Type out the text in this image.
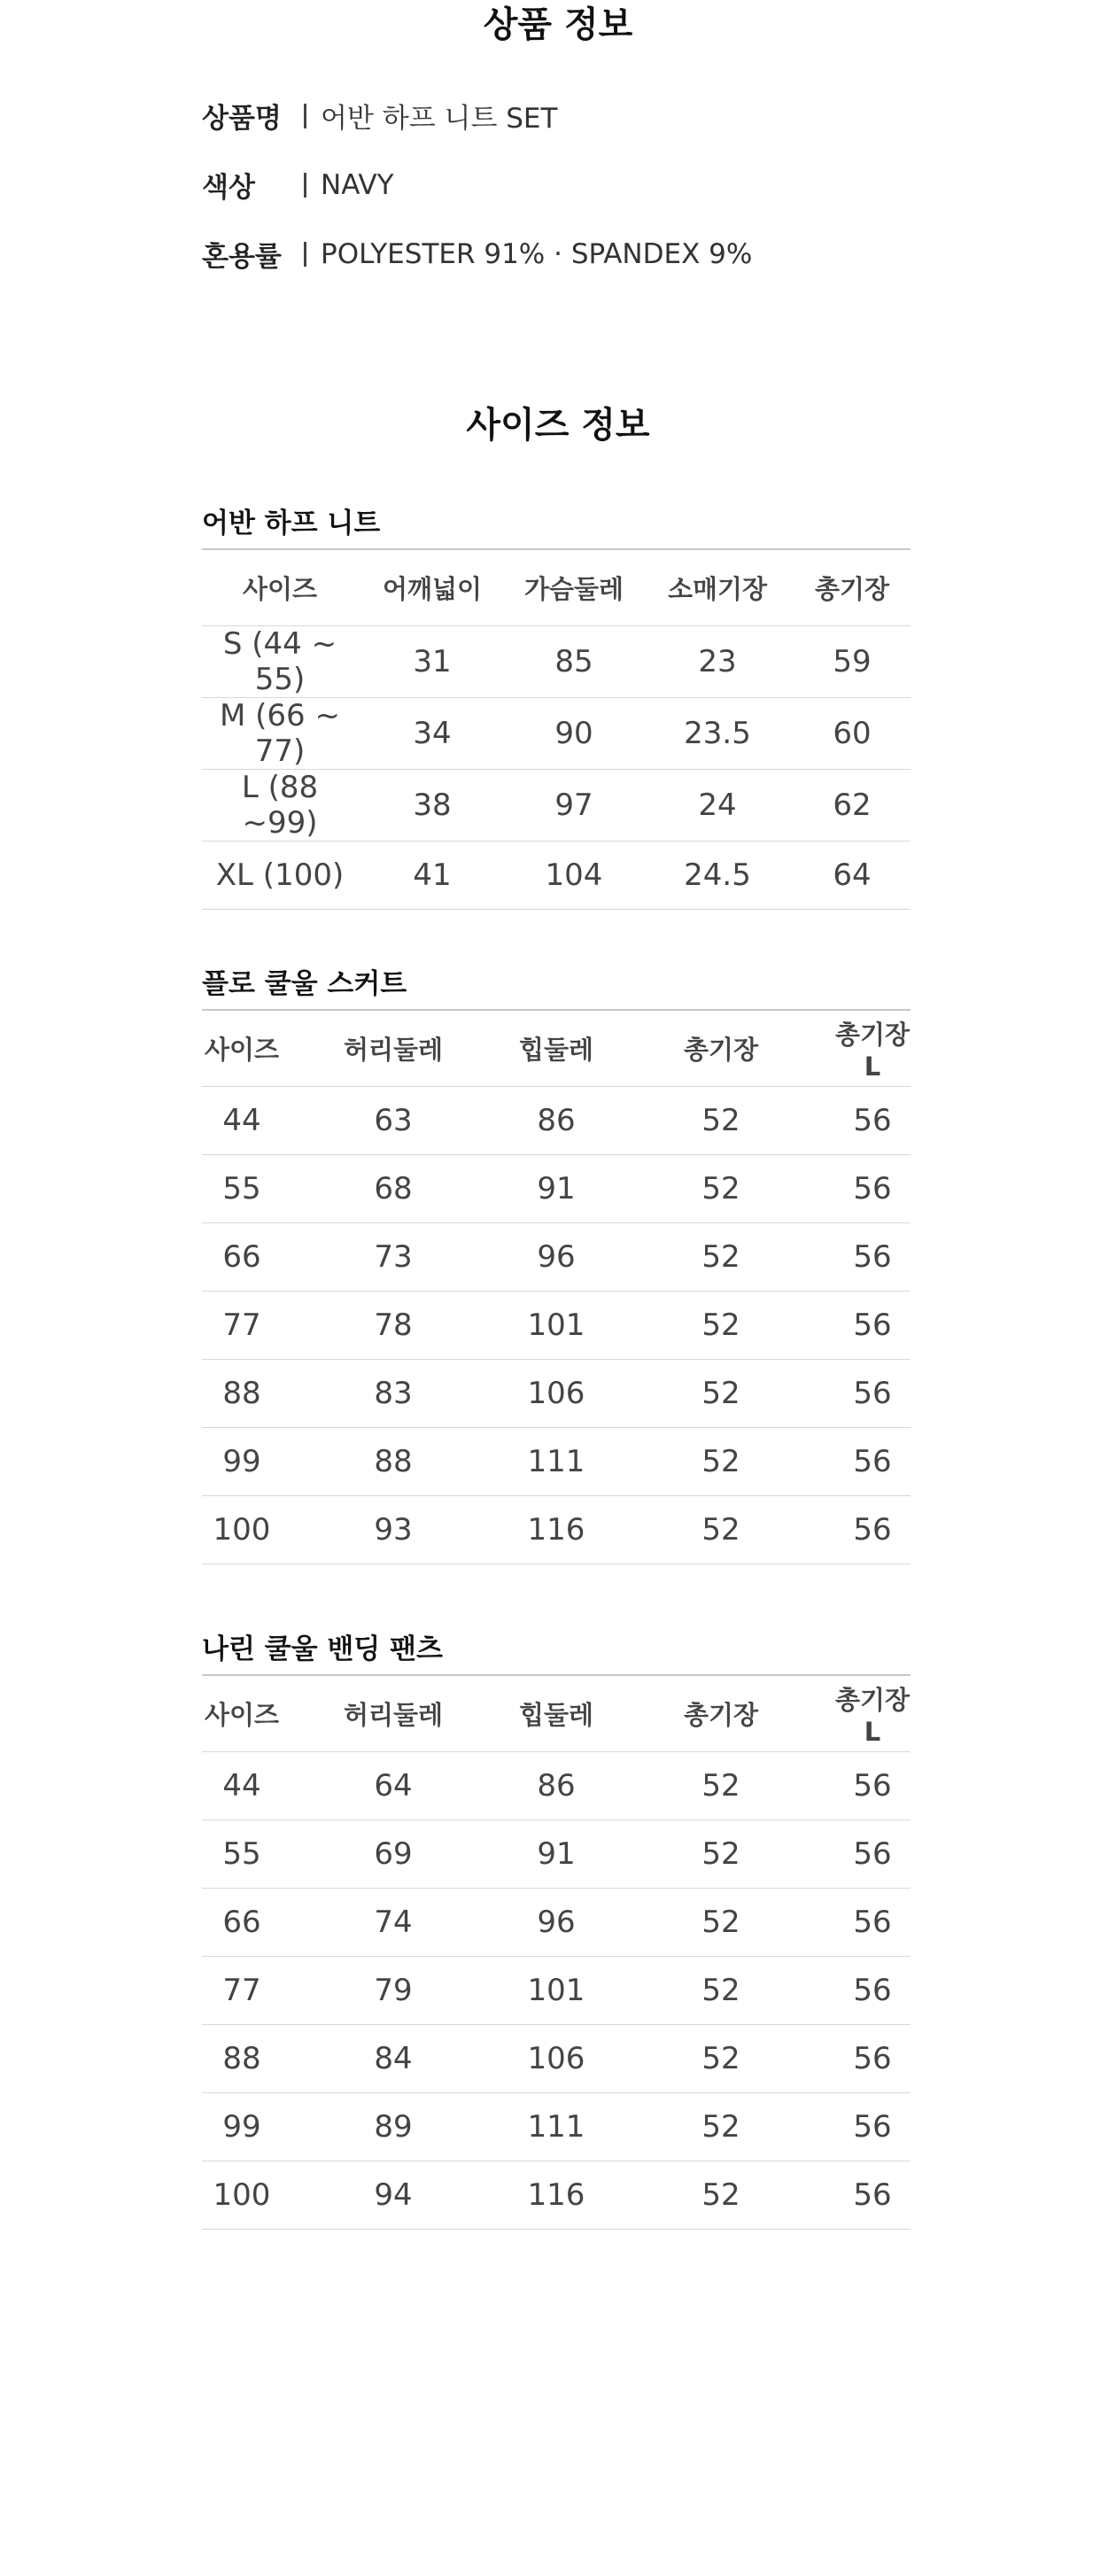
상품 정보
상품명	어반 하프 니트 SET
색상	NAVY
혼용률	POLYESTER 91% · SPANDEX 9%
사이즈 정보
어반 하프 니트
사이즈	어깨넓이	가슴둘레	소매기장	총기장
S (44 ~ 55)	31	85	23	59
M (66 ~ 77)	34	90	23.5	60
L (88 ~99)	38	97	24	62
XL (100)	41	104	24.5	64
플로 쿨울 스커트
사이즈	허리둘레	힙둘레	총기장	총기장L
44	63	86	52	56
55	68	91	52	56
66	73	96	52	56
77	78	101	52	56
88	83	106	52	56
99	88	111	52	56
100	93	116	52	56
나린 쿨울 밴딩 팬츠
사이즈	허리둘레	힙둘레	총기장	총기장L
44	64	86	52	56
55	69	91	52	56
66	74	96	52	56
77	79	101	52	56
88	84	106	52	56
99	89	111	52	56
100	94	116	52	56
